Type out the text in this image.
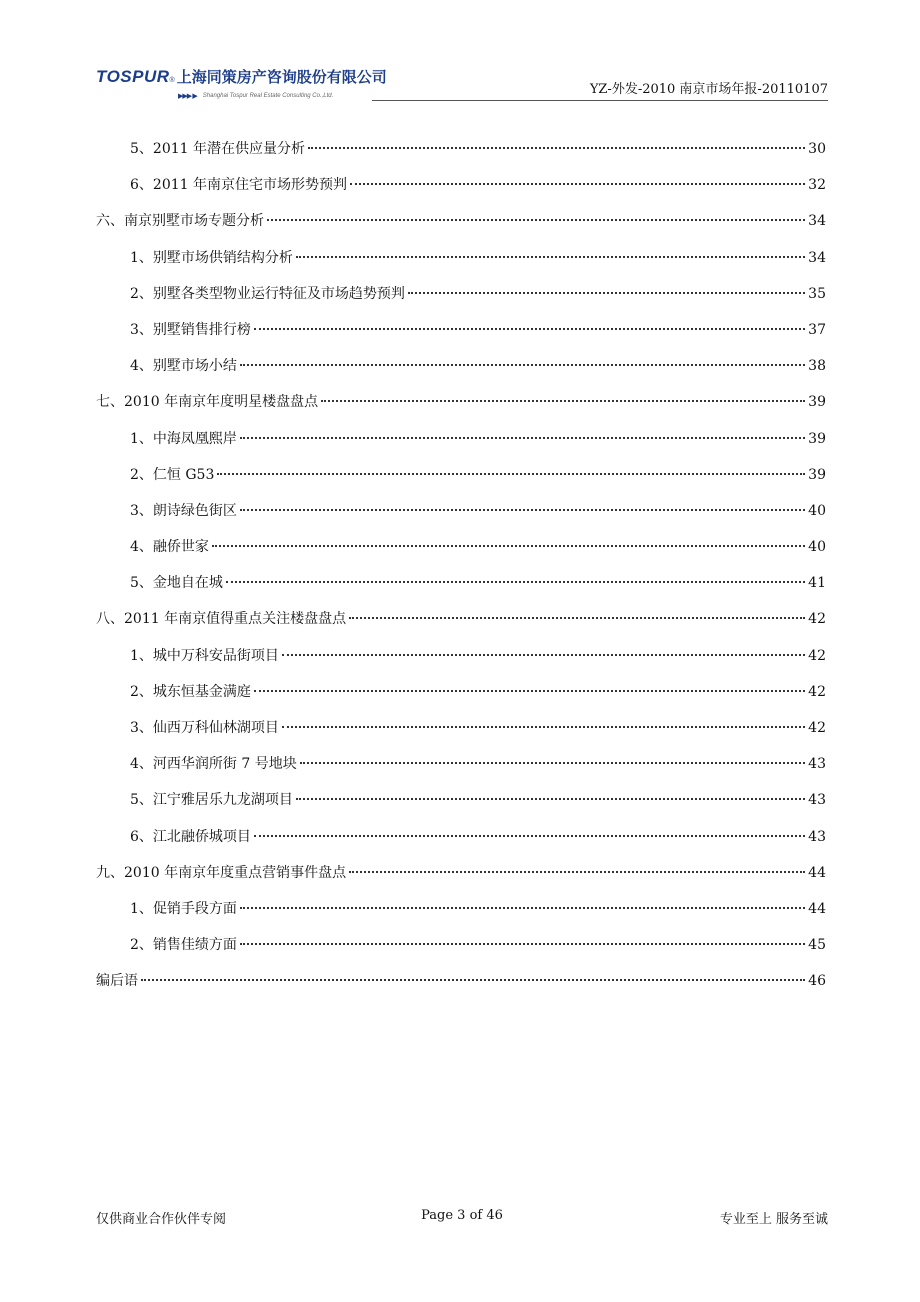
TOSPUR ® 上海同策房产咨询股份有限公司
▶▶▶ ▶ Shanghai Tospur Real Estate Consulting Co.,Ltd.	YZ-外发-2010 南京市场年报-20110107
5、2011 年潜在供应量分析	30
6、2011 年南京住宅市场形势预判	32
六、南京别墅市场专题分析	34
1、别墅市场供销结构分析	34
2、别墅各类型物业运行特征及市场趋势预判	35
3、别墅销售排行榜	37
4、别墅市场小结	38
七、2010 年南京年度明星楼盘盘点	39
1、中海凤凰熙岸	39
2、仁恒 G53	39
3、朗诗绿色街区	40
4、融侨世家	40
5、金地自在城	41
八、2011 年南京值得重点关注楼盘盘点	42
1、城中万科安品街项目	42
2、城东恒基金满庭	42
3、仙西万科仙林湖项目	42
4、河西华润所街 7 号地块	43
5、江宁雅居乐九龙湖项目	43
6、江北融侨城项目	43
九、2010 年南京年度重点营销事件盘点	44
1、促销手段方面	44
2、销售佳绩方面	45
编后语	46
仅供商业合作伙伴专阅	Page 3 of 46	专业至上 服务至诚
